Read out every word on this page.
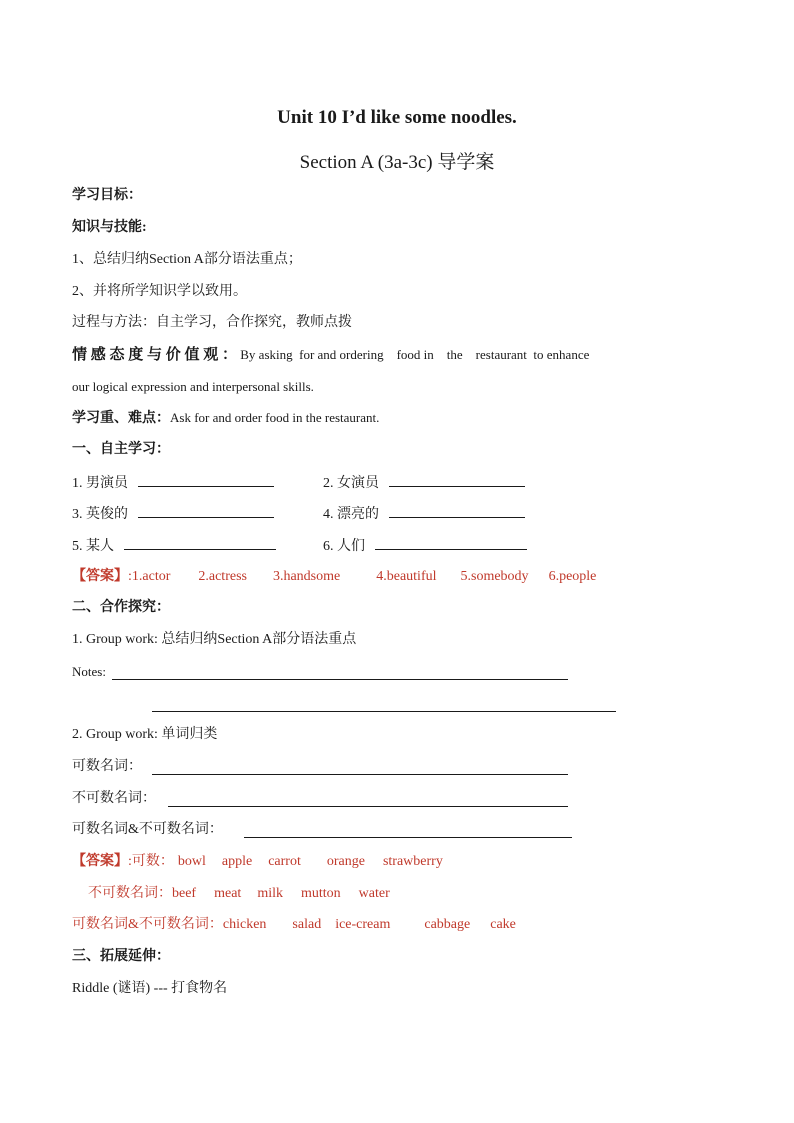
Unit 10 I’d like some noodles.
Section A (3a-3c) 导学案
学习目标：
知识与技能:
1、总结归纳Section A部分语法重点；
2、并将所学知识学以致用。
过程与方法：自主学习，合作探究，教师点拨
情 感 态 度 与 价 值 观 ： By asking  for and ordering    food in    the    restaurant  to enhance
our logical expression and interpersonal skills.
学习重、难点：Ask for and order food in the restaurant.
一、自主学习：
1. 男演员	2. 女演员
3. 英俊的	4. 漂亮的
5. 某人	6. 人们
【答案】:1.actor 2.actress 3.handsome	4.beautiful 5.somebody 6.people
二、合作探究：
1. Group work: 总结归纳Section A部分语法重点
Notes:
2. Group work: 单词归类
可数名词：
不可数名词：
可数名词&不可数名词：
【答案】:可数： bowl apple carrot orange strawberry
不可数名词：beef meat milk mutton water
可数名词&不可数名词：chicken salad ice-cream cabbage cake
三、拓展延伸：
Riddle (谜语) --- 打食物名
